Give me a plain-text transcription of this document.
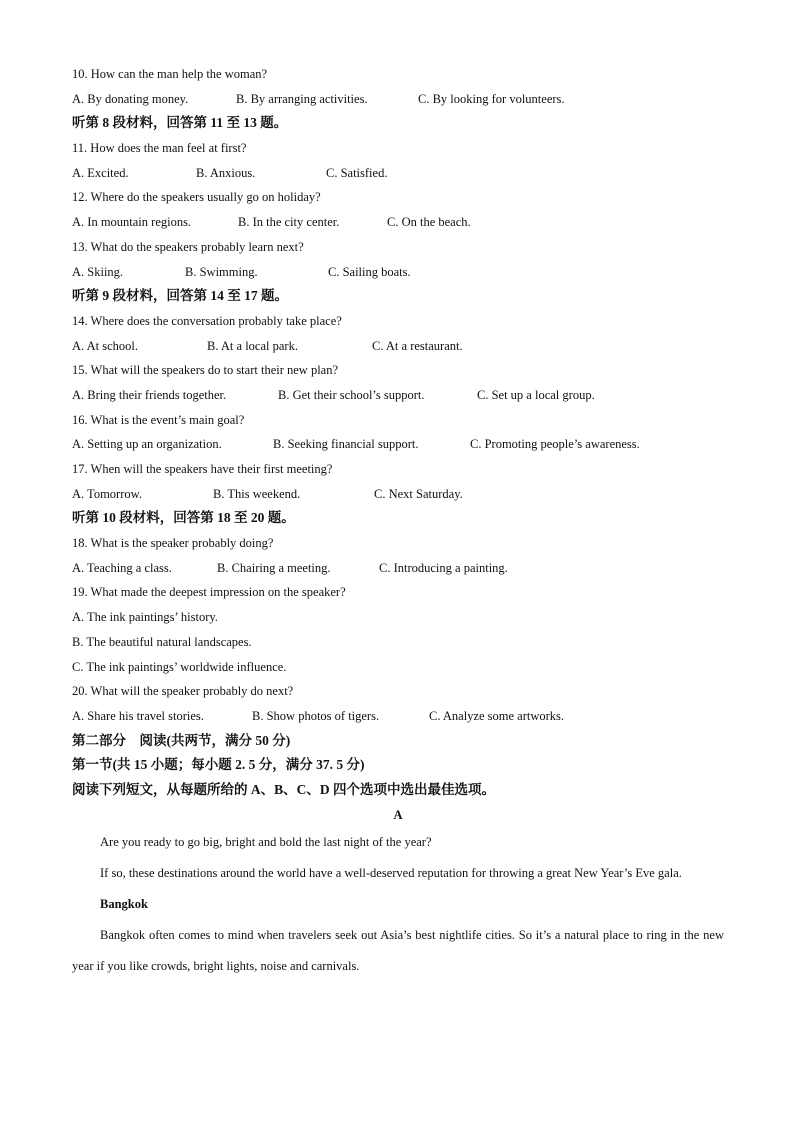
10. How can the man help the woman?
A. By donating money.	B. By arranging activities.	C. By looking for volunteers.
听第 8 段材料，回答第 11 至 13 题。
11. How does the man feel at first?
A. Excited.	B. Anxious.	C. Satisfied.
12. Where do the speakers usually go on holiday?
A. In mountain regions.	B. In the city center.	C. On the beach.
13. What do the speakers probably learn next?
A. Skiing.	B. Swimming.	C. Sailing boats.
听第 9 段材料，回答第 14 至 17 题。
14. Where does the conversation probably take place?
A. At school.	B. At a local park.	C. At a restaurant.
15. What will the speakers do to start their new plan?
A. Bring their friends together.	B. Get their school’s support.	C. Set up a local group.
16. What is the event’s main goal?
A. Setting up an organization.	B. Seeking financial support.	C. Promoting people’s awareness.
17. When will the speakers have their first meeting?
A. Tomorrow.	B. This weekend.	C. Next Saturday.
听第 10 段材料，回答第 18 至 20 题。
18. What is the speaker probably doing?
A. Teaching a class.	B. Chairing a meeting.	C. Introducing a painting.
19. What made the deepest impression on the speaker?
A. The ink paintings’ history.
B. The beautiful natural landscapes.
C. The ink paintings’ worldwide influence.
20. What will the speaker probably do next?
A. Share his travel stories.	B. Show photos of tigers.	C. Analyze some artworks.
第二部分　阅读(共两节，满分 50 分)
第一节(共 15 小题；每小题 2. 5 分，满分 37. 5 分)
阅读下列短文，从每题所给的 A、B、C、D 四个选项中选出最佳选项。
A
Are you ready to go big, bright and bold the last night of the year?
If so, these destinations around the world have a well-deserved reputation for throwing a great New Year’s Eve gala.
Bangkok
Bangkok often comes to mind when travelers seek out Asia’s best nightlife cities. So it’s a natural place to ring in the new year if you like crowds, bright lights, noise and carnivals.
